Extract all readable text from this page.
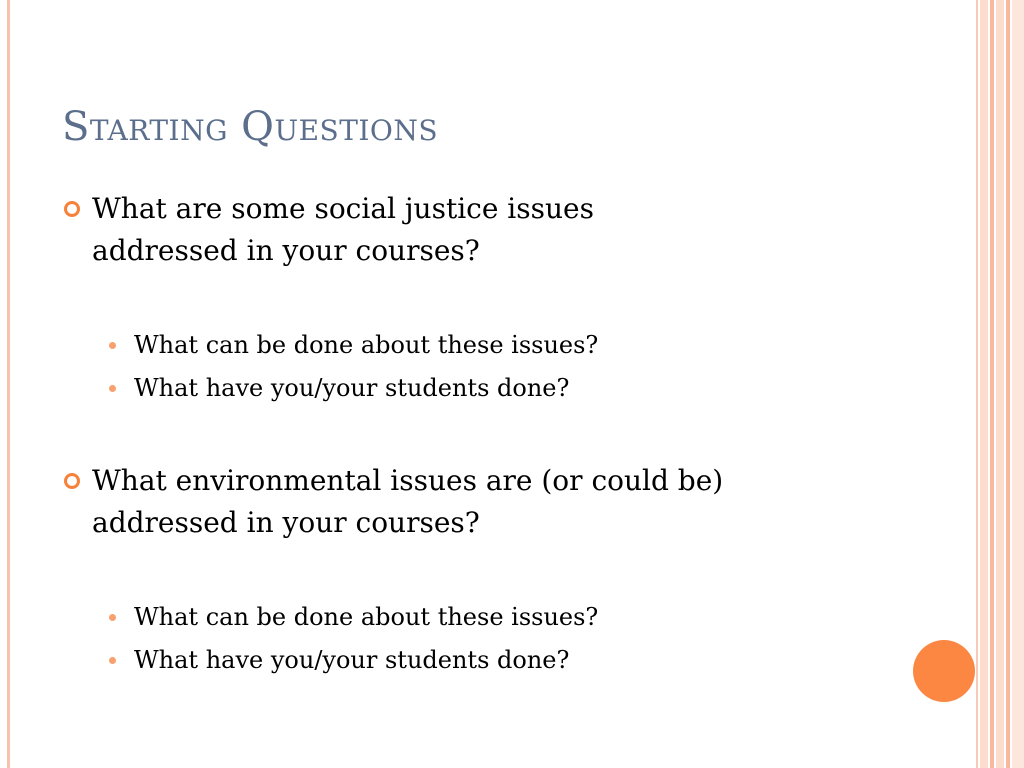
Starting Questions
What are some social justice issues
addressed in your courses?
What can be done about these issues?
What have you/your students done?
What environmental issues are (or could be)
addressed in your courses?
What can be done about these issues?
What have you/your students done?
